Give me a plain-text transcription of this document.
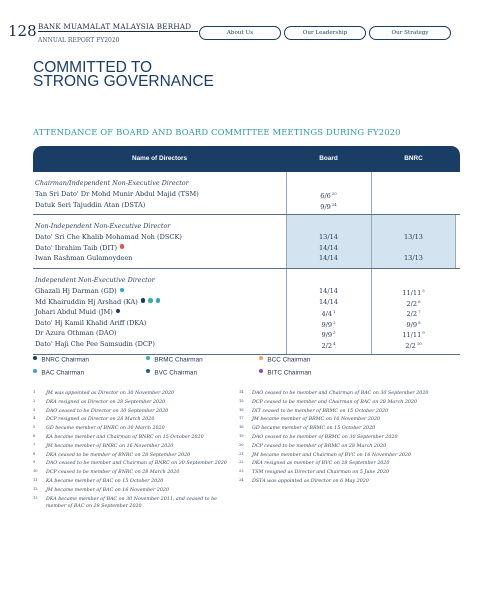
128 BANK MUAMALAT MALAYSIA BERHAD
ANNUAL REPORT FY2020
About Us	Our Leadership	Our Strategy
COMMITTED TO
STRONG GOVERNANCE
ATTENDANCE OF BOARD AND BOARD COMMITTEE MEETINGS DURING FY2020
Name of Directors	Board	BNRC
Chairman/Independent Non-Executive Director
Tan Sri Dato' Dr Mohd Munir Abdul Majid (TSM)	$6/6^{20}$
Datuk Seri Tajuddin Atan (DSTA)	$9/9^{24}$
Non-Independent Non-Executive Director
Dato' Sri Che Khalib Mohamad Noh (DSCK)	13/14	13/13
Dato' Ibrahim Taib (DIT)	14/14
Iwan Rashman Gulamoydeen	14/14	13/13
Independent Non-Executive Director
Ghazali Hj Darman (GD)	14/14	$11/11^5$
Md Khairuddin Hj Arshad (KA)	14/14	$2/2^6$
Johari Abdul Muid (JM)	$4/4^1$	$2/2^7$
Dato' Hj Kamil Khalid Ariff (DKA)	$9/9^2$	$9/9^8$
Dr Azura Othman (DAO)	$9/9^3$	$11/11^9$
Dato' Haji Che Pee Samsudin (DCP)	$2/2^4$	$2/2^{10}$
BNRC Chairman	BRMC Chairman	BCC Chairman
BAC Chairman	BVC Chairman	BITC Chairman
1 JM was appointed as Director on 30 November 2020
2 DKA resigned as Director on 28 September 2020
3 DAO ceased to be Director on 30 September 2020
4 DCP resigned as Director on 28 March 2020
5 GD became member of BNRC on 30 March 2020
6 KA became member and Chairman of BNRC on 15 October 2020
7 JM became member of BNRC on 16 November 2020
8 DKA ceased to be member of BNRC on 28 September 2020
9 DAO ceased to be member and Chairman of BNRC on 30 September 2020
10 DCP ceased to be member of BNRC on 28 March 2020
11 KA became member of BAC on 15 October 2020
12 JM became member of BAC on 16 November 2020
13 DKA became member of BAC on 30 November 2011, and ceased to be member of BAC on 28 September 2020
14 DAO ceased to be member and Chairman of BAC on 30 September 2020
15 DCP ceased to be member and Chairman of BAC on 28 March 2020
16 DIT ceased to be member of BRMC on 15 October 2020
17 JM became member of BRMC on 16 November 2020
18 GD became member of BRMC on 15 October 2020
19 DAO ceased to be member of BRMC on 30 September 2020
20 DCP ceased to be member of BRMC on 28 March 2020
21 JM became member and Chairman of BVC on 16 November 2020
22 DKA resigned as member of BVC on 28 September 2020
23 TSM resigned as Director and Chairman on 5 June 2020
24 DSTA was appointed as Director on 6 May 2020
